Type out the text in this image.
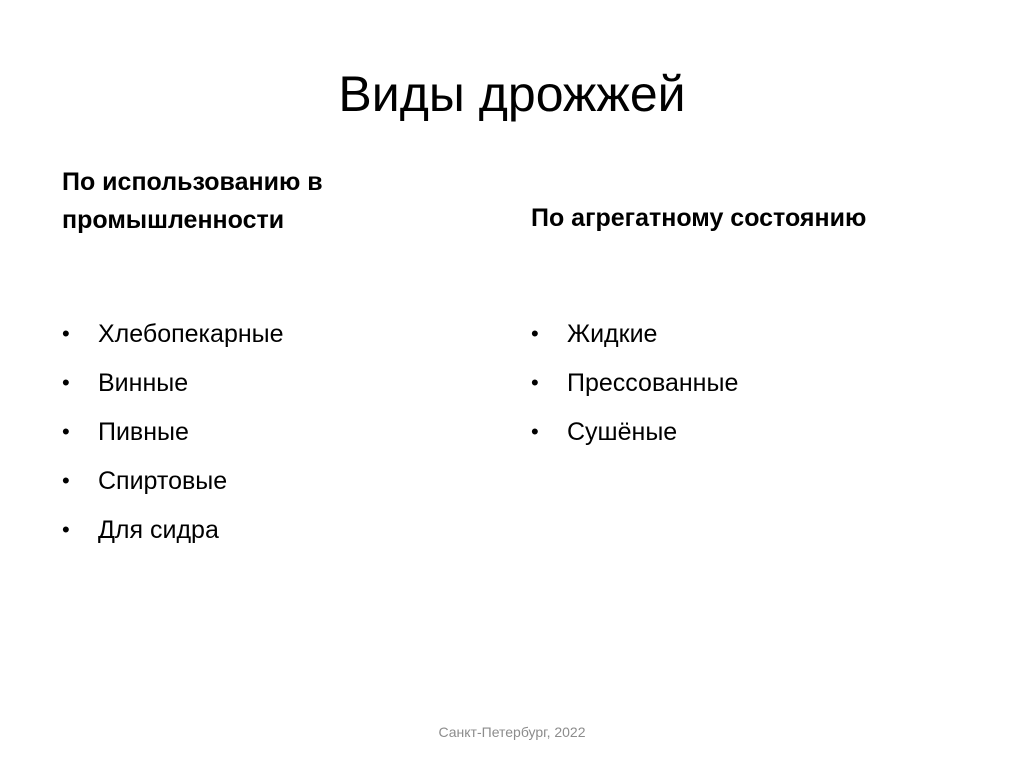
Виды дрожжей
По использованию в промышленности	По агрегатному состоянию
•	Хлебопекарные
•	Винные
•	Пивные
•	Спиртовые
•	Для сидра
•	Жидкие
•	Прессованные
•	Сушёные
Санкт-Петербург, 2022
